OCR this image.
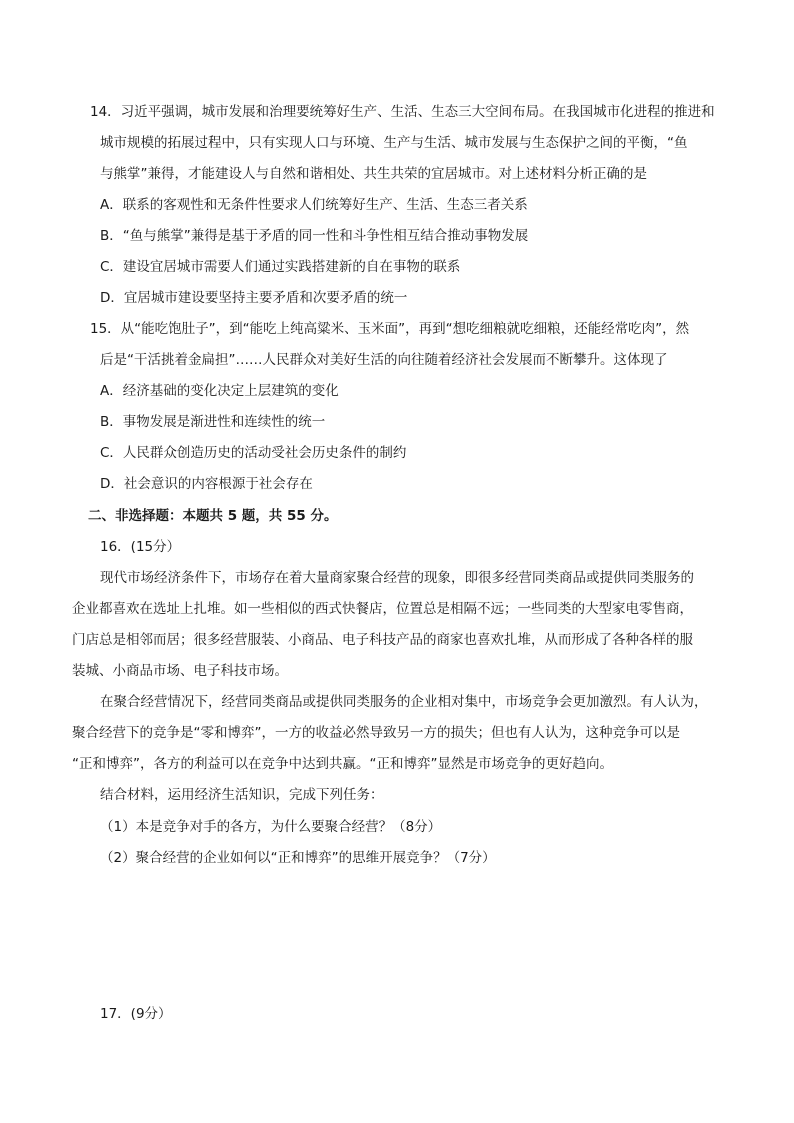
14．习近平强调，城市发展和治理要统筹好生产、生活、生态三大空间布局。在我国城市化进程的推进和
城市规模的拓展过程中，只有实现人口与环境、生产与生活、城市发展与生态保护之间的平衡，“鱼
与熊掌”兼得，才能建设人与自然和谐相处、共生共荣的宜居城市。对上述材料分析正确的是
A．联系的客观性和无条件性要求人们统筹好生产、生活、生态三者关系
B．“鱼与熊掌”兼得是基于矛盾的同一性和斗争性相互结合推动事物发展
C．建设宜居城市需要人们通过实践搭建新的自在事物的联系
D．宜居城市建设要坚持主要矛盾和次要矛盾的统一
15．从“能吃饱肚子”，到“能吃上纯高粱米、玉米面”，再到“想吃细粮就吃细粮，还能经常吃肉”，然
后是“干活挑着金扁担”……人民群众对美好生活的向往随着经济社会发展而不断攀升。这体现了
A．经济基础的变化决定上层建筑的变化
B．事物发展是渐进性和连续性的统一
C．人民群众创造历史的活动受社会历史条件的制约
D．社会意识的内容根源于社会存在
二、非选择题：本题共 5 题，共 55 分。
16．(15分）
现代市场经济条件下，市场存在着大量商家聚合经营的现象，即很多经营同类商品或提供同类服务的
企业都喜欢在选址上扎堆。如一些相似的西式快餐店，位置总是相隔不远；一些同类的大型家电零售商，
门店总是相邻而居；很多经营服装、小商品、电子科技产品的商家也喜欢扎堆，从而形成了各种各样的服
装城、小商品市场、电子科技市场。
在聚合经营情况下，经营同类商品或提供同类服务的企业相对集中，市场竞争会更加激烈。有人认为，
聚合经营下的竞争是“零和博弈”，一方的收益必然导致另一方的损失；但也有人认为，这种竞争可以是
“正和博弈”，各方的利益可以在竞争中达到共赢。“正和博弈”显然是市场竞争的更好趋向。
结合材料，运用经济生活知识，完成下列任务：
（1）本是竞争对手的各方，为什么要聚合经营？（8分）
（2）聚合经营的企业如何以“正和博弈”的思维开展竞争？（7分）
17．(9分）
